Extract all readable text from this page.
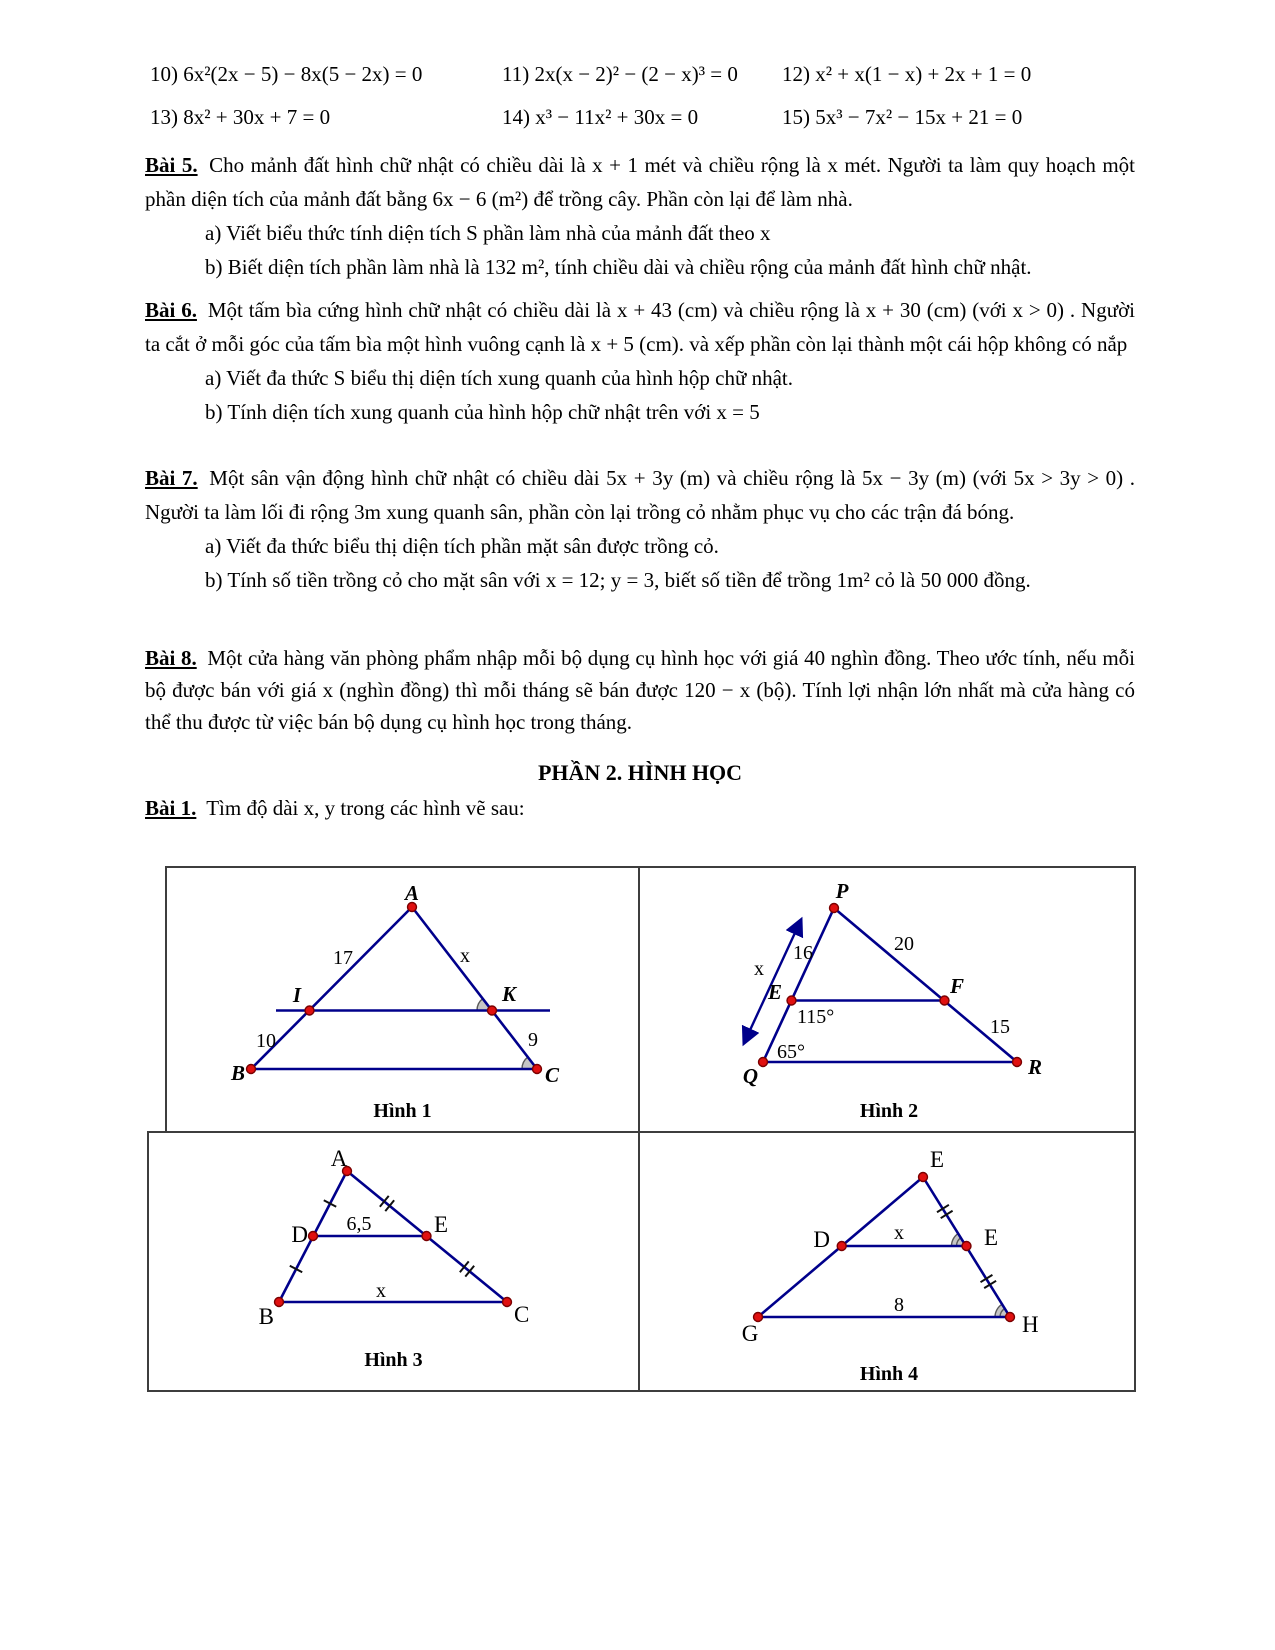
10) 6x²(2x − 5) − 8x(5 − 2x) = 0	11) 2x(x − 2)² − (2 − x)³ = 0	12) x² + x(1 − x) + 2x + 1 = 0
13) 8x² + 30x + 7 = 0	14) x³ − 11x² + 30x = 0	15) 5x³ − 7x² − 15x + 21 = 0

Bài 5. Cho mảnh đất hình chữ nhật có chiều dài là x + 1 mét và chiều rộng là x mét. Người ta làm quy hoạch một phần diện tích của mảnh đất bằng 6x − 6 (m²) để trồng cây. Phần còn lại để làm nhà.

a) Viết biểu thức tính diện tích S phần làm nhà của mảnh đất theo x

b) Biết diện tích phần làm nhà là 132 m², tính chiều dài và chiều rộng của mảnh đất hình chữ nhật.

Bài 6. Một tấm bìa cứng hình chữ nhật có chiều dài là x + 43 (cm) và chiều rộng là x + 30 (cm) (với x > 0) . Người ta cắt ở mỗi góc của tấm bìa một hình vuông cạnh là x + 5 (cm). và xếp phần còn lại thành một cái hộp không có nắp

a) Viết đa thức S biểu thị diện tích xung quanh của hình hộp chữ nhật.

b) Tính diện tích xung quanh của hình hộp chữ nhật trên với x = 5

Bài 7. Một sân vận động hình chữ nhật có chiều dài 5x + 3y (m) và chiều rộng là 5x − 3y (m) (với 5x > 3y > 0) . Người ta làm lối đi rộng 3m xung quanh sân, phần còn lại trồng cỏ nhằm phục vụ cho các trận đá bóng.

a) Viết đa thức biểu thị diện tích phần mặt sân được trồng cỏ.

b) Tính số tiền trồng cỏ cho mặt sân với x = 12; y = 3, biết số tiền để trồng 1m² cỏ là 50 000 đồng.

Bài 8. Một cửa hàng văn phòng phẩm nhập mỗi bộ dụng cụ hình học với giá 40 nghìn đồng. Theo ước tính, nếu mỗi bộ được bán với giá x (nghìn đồng) thì mỗi tháng sẽ bán được 120 − x (bộ). Tính lợi nhận lớn nhất mà cửa hàng có thể thu được từ việc bán bộ dụng cụ hình học trong tháng.

PHẦN 2. HÌNH HỌC
Bài 1. Tìm độ dài x, y trong các hình vẽ sau:
A
I	K
B	C
17	x
10	9
Hình 1
P
E	F
Q	R
16	20
15
x
115°
65°
Hình 2
A
D	E
B	C
6,5
x
Hình 3
E
D	E
G	H
x
8
Hình 4
